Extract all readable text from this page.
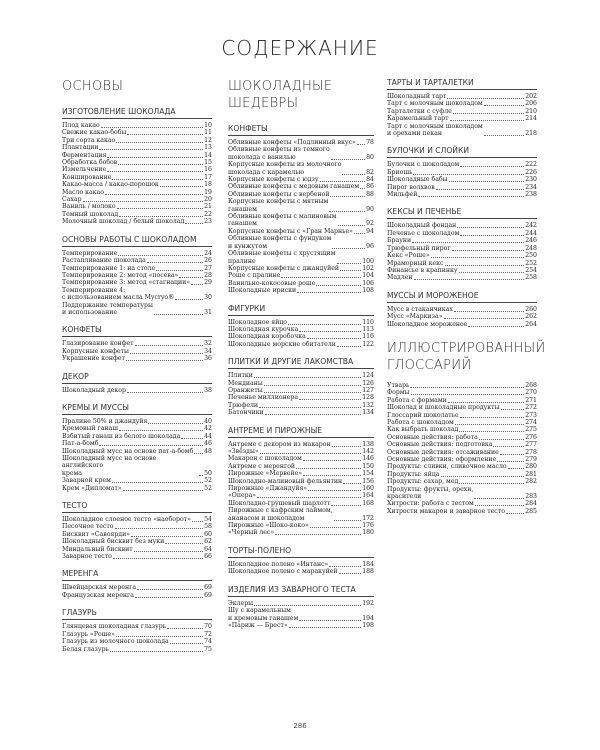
СОДЕРЖАНИЕ
ОСНОВЫ
ИЗГОТОВЛЕНИЕ ШОКОЛАДА
Плод какао	10
Свежие какао-бобы	11
Три сорта какао	12
Плантации	13
Ферментация	14
Обработка бобов	15
Измельчение	16
Конширование	17
Какао-масса / какао-порошок	18
Масло какао	19
Сахар	20
Ваниль / молоко	21
Темный шоколад	22
Молочный шоколад / белый шоколад	23
ОСНОВЫ РАБОТЫ С ШОКОЛАДОМ
Темперирование	24
Растапливание шоколада	26
Темперирование 1: на столе	27
Темперирование 2: метод «посева»	28
Темперирование 3: метод «стагнации» 29
Темперирование 4:
с использованием масла Mycryo®	30
Поддержание температуры
и использование	31
КОНФЕТЫ
Глазирование конфет	32
Корпусные конфеты	34
Украшение конфет	36
ДЕКОР
Шоколадный декор	38
КРЕМЫ И МУССЫ
Пралине 50% и джандуйя	40
Кремовый ганаш	42
Взбитый ганаш из белого шоколада	44
Пат-а-бомб	46
Шоколадный мусс на основе пат-а-бомб 48
Шоколадный мусс на основе английского
крема	50
Заварной крем	52
Крем «Дипломат»	52
ТЕСТО
Шоколадное слоеное тесто «наоборот» 54
Песочное тесто	58
Бисквит «Савоярди»	60
Шоколадный бисквит без муки	62
Миндальный бисквит	64
Заварное тесто	66
МЕРЕНГА
Швейцарская меренга	69
Французская меренга	69
ГЛАЗУРЬ
Глянцевая шоколадная глазурь	70
Глазурь «Роше»	72
Глазурь из молочного шоколада	74
Белая глазурь	75
ШОКОЛАДНЫЕ ШЕДЕВРЫ
КОНФЕТЫ
Обливные конфеты «Подлинный вкус» 78
Обливные конфеты из темного
шоколада с ванилью	80
Корпусные конфеты из молочного
шоколада с карамелью	82
Корпусные конфеты с юдзу	84
Обливные конфеты с медовым ганашем 86
Обливные конфеты с вербеной	88
Корпусные конфеты с мятным
ганашем	90
Обливные конфеты с малиновым
ганашем	92
Корпусные конфеты с «Гран Марнье» 94
Обливные конфеты с фундуком
и кунжутом	96
Обливные конфеты с хрустящим
пралине	100
Корпусные конфеты с джандуйей	102
Роше с пралине	104
Ванильно-кокосовые роше	106
Шоколадные ириски	108
ФИГУРКИ
Шоколадное яйцо	110
Шоколадная курочка	113
Шоколадная коробочка	116
Шоколадные морские обитатели	122
ПЛИТКИ И ДРУГИЕ ЛАКОМСТВА
Плитки	124
Мендианы	126
Оранжеты	127
Печенье миллионера	128
Трюфели	132
Батончики	134
АНТРЕМЕ И ПИРОЖНЫЕ
Антреме с декором из макарон	138
«Звёзды»	142
Макарон с шоколадом	146
Антреме с меренгой	150
Пирожные «Мервейе»	154
Шоколадно-малиновый фельянтин	156
Пирожные «Джандуйя»	160
«Опера»	164
Шоколадно-грушевый шарлотт	168
Пирожные с кафрским лаймом,
ананасом и шоколадом	172
Пирожные «Шоко-коко»	176
«Черный лес»	180
ТОРТЫ-ПОЛЕНО
Шоколадное полено «Интанс»	184
Шоколадное полено с маракуйей	188
ИЗДЕЛИЯ ИЗ ЗАВАРНОГО ТЕСТА
Эклеры	192
Шу с карамельным
и кремовым ганашем	194
«Париж — Брест»	198
ТАРТЫ И ТАРТАЛЕТКИ
Шоколадный тарт	202
Тарт с молочным шоколадом	206
Тарталетки с суфле	210
Карамельный тарт	214
Тарт с молочным шоколадом
и орехами пекан	218
БУЛОЧКИ И СЛОЙКИ
Булочки с шоколадом	222
Бриошь	226
Шоколадные бабы	230
Пирог волхвов	234
Мильфей	238
КЕКСЫ И ПЕЧЕНЬЕ
Шоколадный фондан	242
Печенье с шоколадом	244
Брауни	246
Трюфельный пирог	248
Кекс «Роше»	250
Мраморный кекс	252
Финансье в крапинку	254
Мадлен	258
МУССЫ И МОРОЖЕНОЕ
Мусс в стаканчиках	260
Мусс «Маркиза»	262
Шоколадное мороженое	264
ИЛЛЮСТРИРОВАННЫЙ
ГЛОССАРИЙ
Утварь	268
Формы	270
Работа с формами	271
Шоколад и шоколадные продукты	272
Глоссарий шоколатье	273
Работа с шоколадом	274
Как выбрать шоколад	275
Основные действия: работа	276
Основные действия: подготовка	277
Основные действия: отсаживание	278
Основные действия: оформление	279
Продукты: сливки, сливочное масло	280
Продукты: яйца	281
Продукты: сахар, мед	282
Продукты: фрукты, орехи,
красители	283
Хитрости: работа с тестом	284
Хитрости макарон и заварное тесто	285
286
